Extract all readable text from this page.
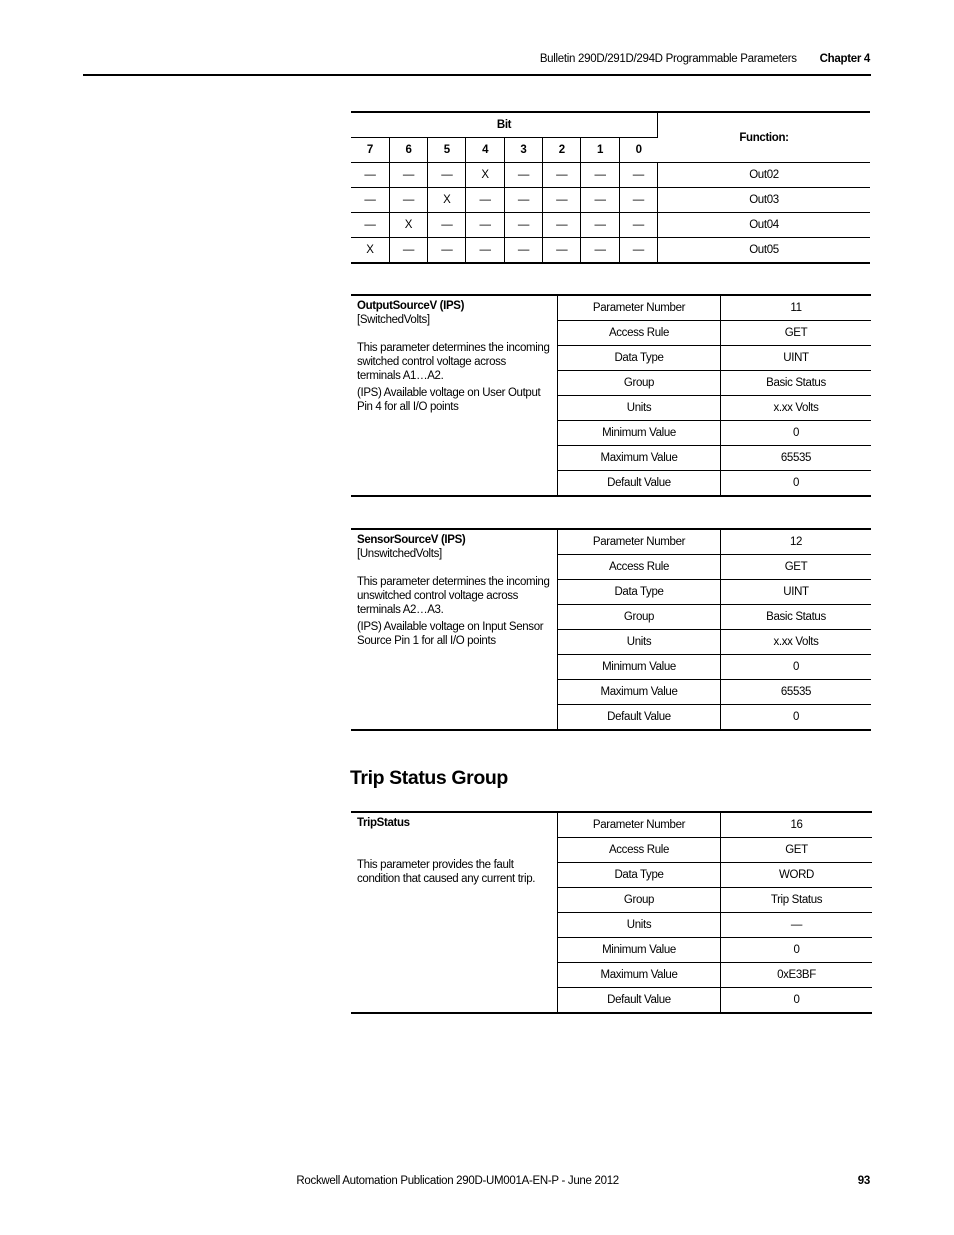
Bulletin 290D/291D/294D Programmable Parameters Chapter 4
Bit								Function:
7	6	5	4	3	2	1	0	
—	—	—	X	—	—	—	—	Out02
—	—	X	—	—	—	—	—	Out03
—	X	—	—	—	—	—	—	Out04
X	—	—	—	—	—	—	—	Out05
OutputSourceV (IPS)
[SwitchedVolts]

This parameter determines the incoming switched control voltage across terminals A1…A2.

(IPS) Available voltage on User Output Pin 4 for all I/O points	Parameter Number	11
	Access Rule	GET
	Data Type	UINT
	Group	Basic Status
	Units	x.xx Volts
	Minimum Value	0
	Maximum Value	65535
	Default Value	0
SensorSourceV (IPS)
[UnswitchedVolts]

This parameter determines the incoming unswitched control voltage across terminals A2…A3.

(IPS) Available voltage on Input Sensor Source Pin 1 for all I/O points	Parameter Number	12
	Access Rule	GET
	Data Type	UINT
	Group	Basic Status
	Units	x.xx Volts
	Minimum Value	0
	Maximum Value	65535
	Default Value	0
Trip Status Group
TripStatus

This parameter provides the fault condition that caused any current trip.	Parameter Number	16
	Access Rule	GET
	Data Type	WORD
	Group	Trip Status
	Units	—
	Minimum Value	0
	Maximum Value	0xE3BF
	Default Value	0
Rockwell Automation Publication 290D-UM001A-EN-P - June 2012	93
